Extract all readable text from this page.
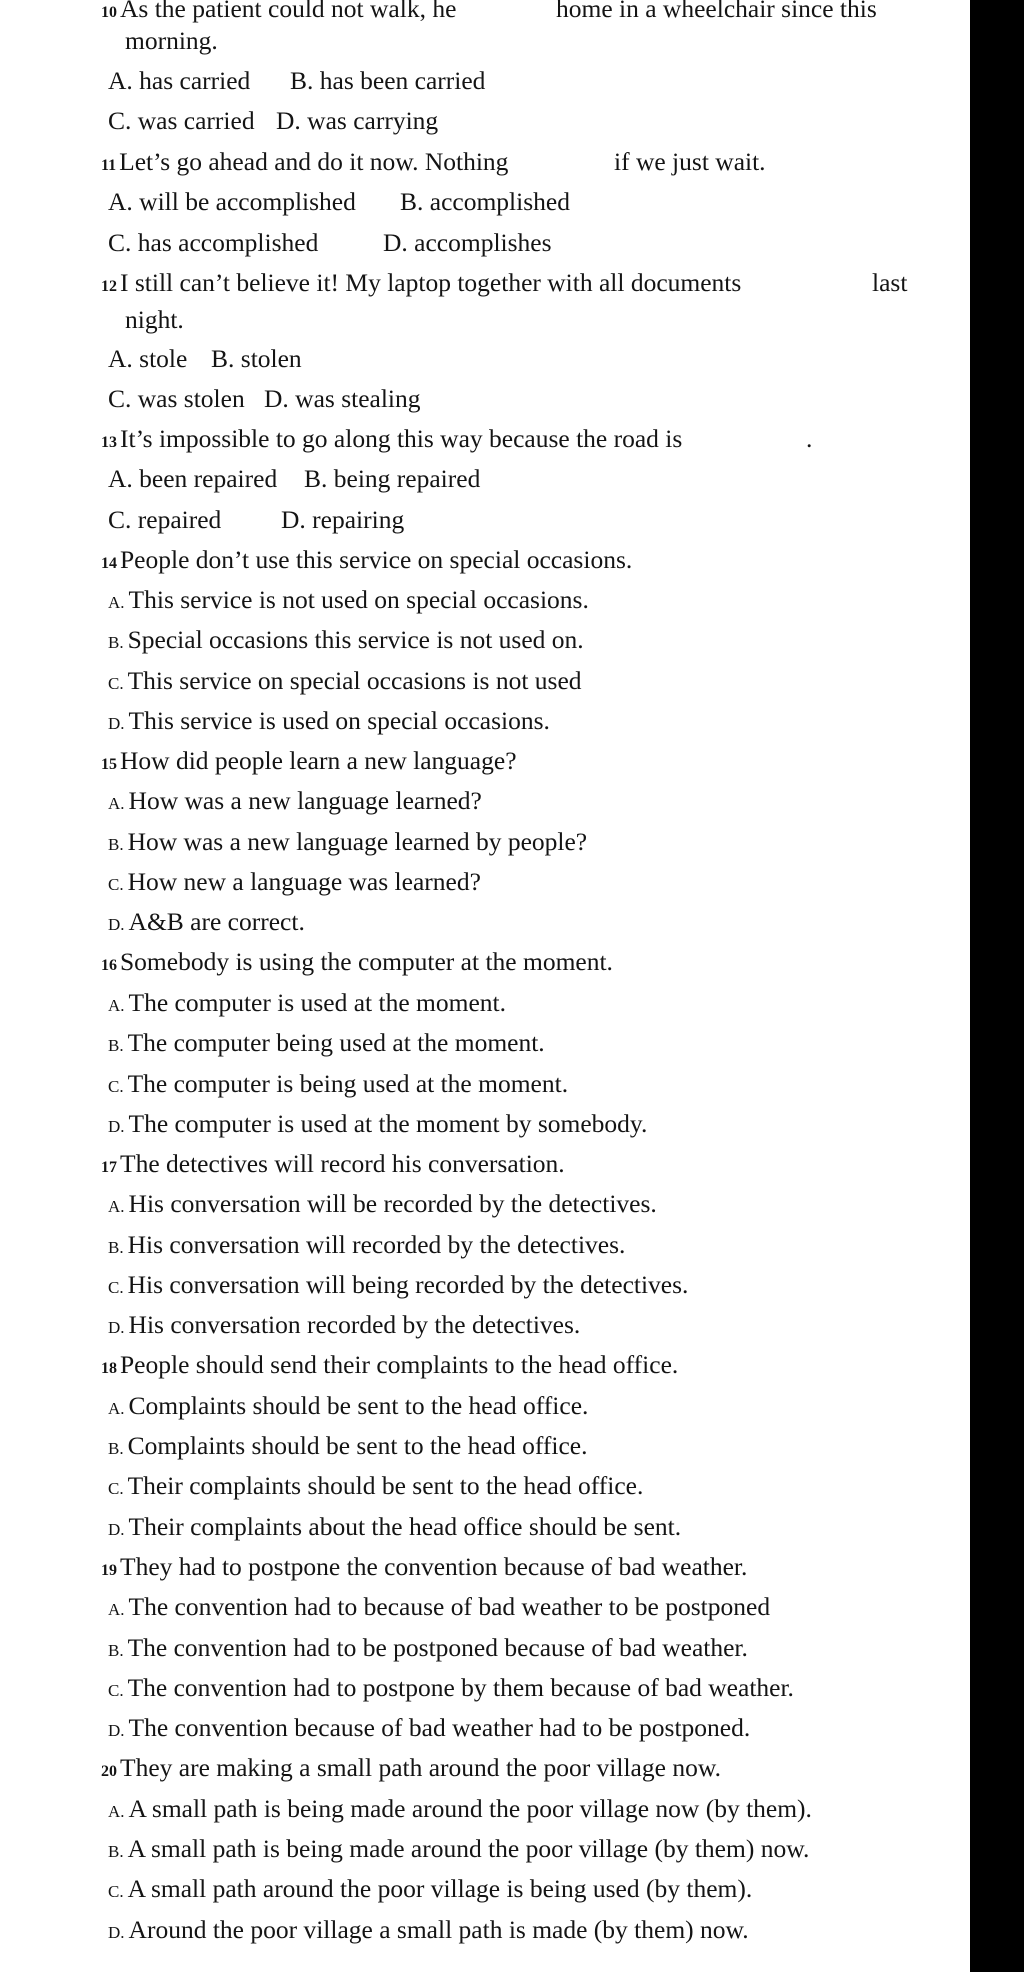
10 As the patient could not walk, he	home in a wheelchair since this
morning.
A. has carried B. has been carried
C. was carried D. was carrying
11 Let’s go ahead and do it now. Nothing	if we just wait.
A. will be accomplished B. accomplished
C. has accomplished	D. accomplishes
12 I still can’t believe it! My laptop together with all documents	last
night.
A. stole B. stolen
C. was stolen D. was stealing
13 It’s impossible to go along this way because the road is	.
A. been repaired B. being repaired
C. repaired D. repairing
14 People don’t use this service on special occasions.
A. This service is not used on special occasions.
B. Special occasions this service is not used on.
C. This service on special occasions is not used
D. This service is used on special occasions.
15 How did people learn a new language?
A. How was a new language learned?
B. How was a new language learned by people?
C. How new a language was learned?
D. A&B are correct.
16 Somebody is using the computer at the moment.
A. The computer is used at the moment.
B. The computer being used at the moment.
C. The computer is being used at the moment.
D. The computer is used at the moment by somebody.
17 The detectives will record his conversation.
A. His conversation will be recorded by the detectives.
B. His conversation will recorded by the detectives.
C. His conversation will being recorded by the detectives.
D. His conversation recorded by the detectives.
18 People should send their complaints to the head office.
A. Complaints should be sent to the head office.
B. Complaints should be sent to the head office.
C. Their complaints should be sent to the head office.
D. Their complaints about the head office should be sent.
19 They had to postpone the convention because of bad weather.
A. The convention had to because of bad weather to be postponed
B. The convention had to be postponed because of bad weather.
C. The convention had to postpone by them because of bad weather.
D. The convention because of bad weather had to be postponed.
20 They are making a small path around the poor village now.
A. A small path is being made around the poor village now (by them).
B. A small path is being made around the poor village (by them) now.
C. A small path around the poor village is being used (by them).
D. Around the poor village a small path is made (by them) now.
